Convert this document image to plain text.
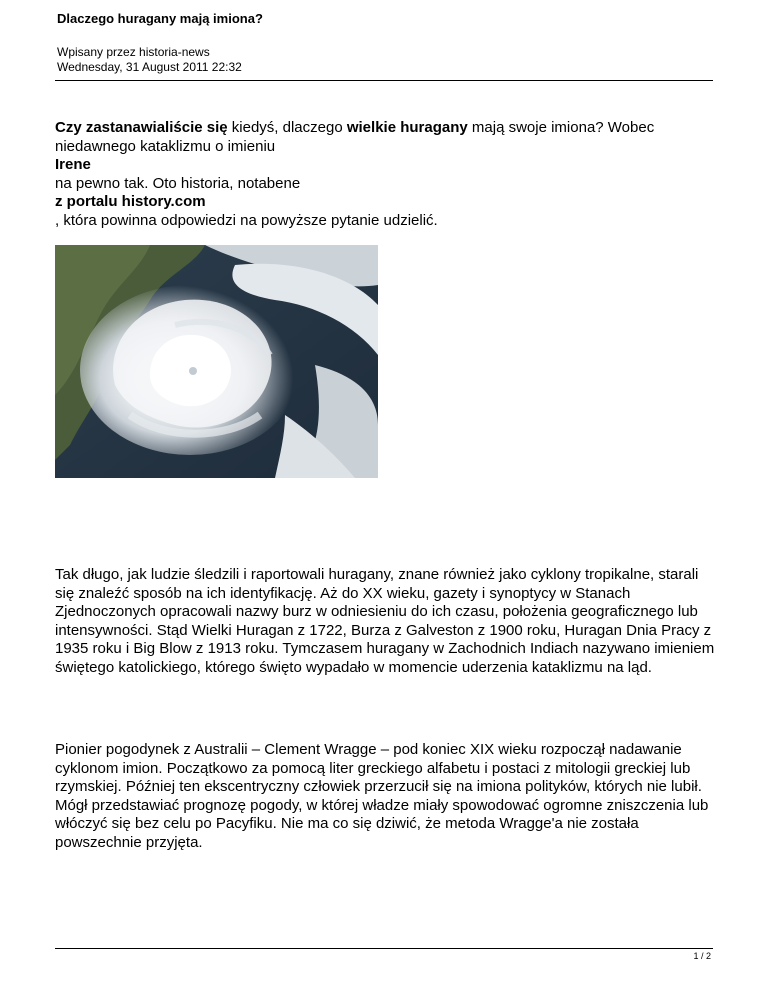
Dlaczego huragany mają imiona?
Wpisany przez historia-news
Wednesday, 31 August 2011 22:32
Czy zastanawialiście się kiedyś, dlaczego wielkie huragany mają swoje imiona? Wobec
niedawnego kataklizmu o imieniu
Irene
na pewno tak. Oto historia, notabene
z portalu history.com
, która powinna odpowiedzi na powyższe pytanie udzielić.
Tak długo, jak ludzie śledzili i raportowali huragany, znane również jako cyklony tropikalne, starali się znaleźć sposób na ich identyfikację. Aż do XX wieku, gazety i synoptycy w Stanach Zjednoczonych opracowali nazwy burz w odniesieniu do ich czasu, położenia geograficznego lub intensywności. Stąd Wielki Huragan z 1722, Burza z Galveston z 1900 roku, Huragan Dnia Pracy z 1935 roku i Big Blow z 1913 roku. Tymczasem huragany w Zachodnich Indiach nazywano imieniem świętego katolickiego, którego święto wypadało w momencie uderzenia kataklizmu na ląd.
Pionier pogodynek z Australii – Clement Wragge – pod koniec XIX wieku rozpoczął nadawanie cyklonom imion. Początkowo za pomocą liter greckiego alfabetu i postaci z mitologii greckiej lub rzymskiej. Później ten ekscentryczny człowiek przerzucił się na imiona polityków, których nie lubił. Mógł przedstawiać prognozę pogody, w której władze miały spowodować ogromne zniszczenia lub włóczyć się bez celu po Pacyfiku. Nie ma co się dziwić, że metoda Wragge'a nie została powszechnie przyjęta.
1 / 2
